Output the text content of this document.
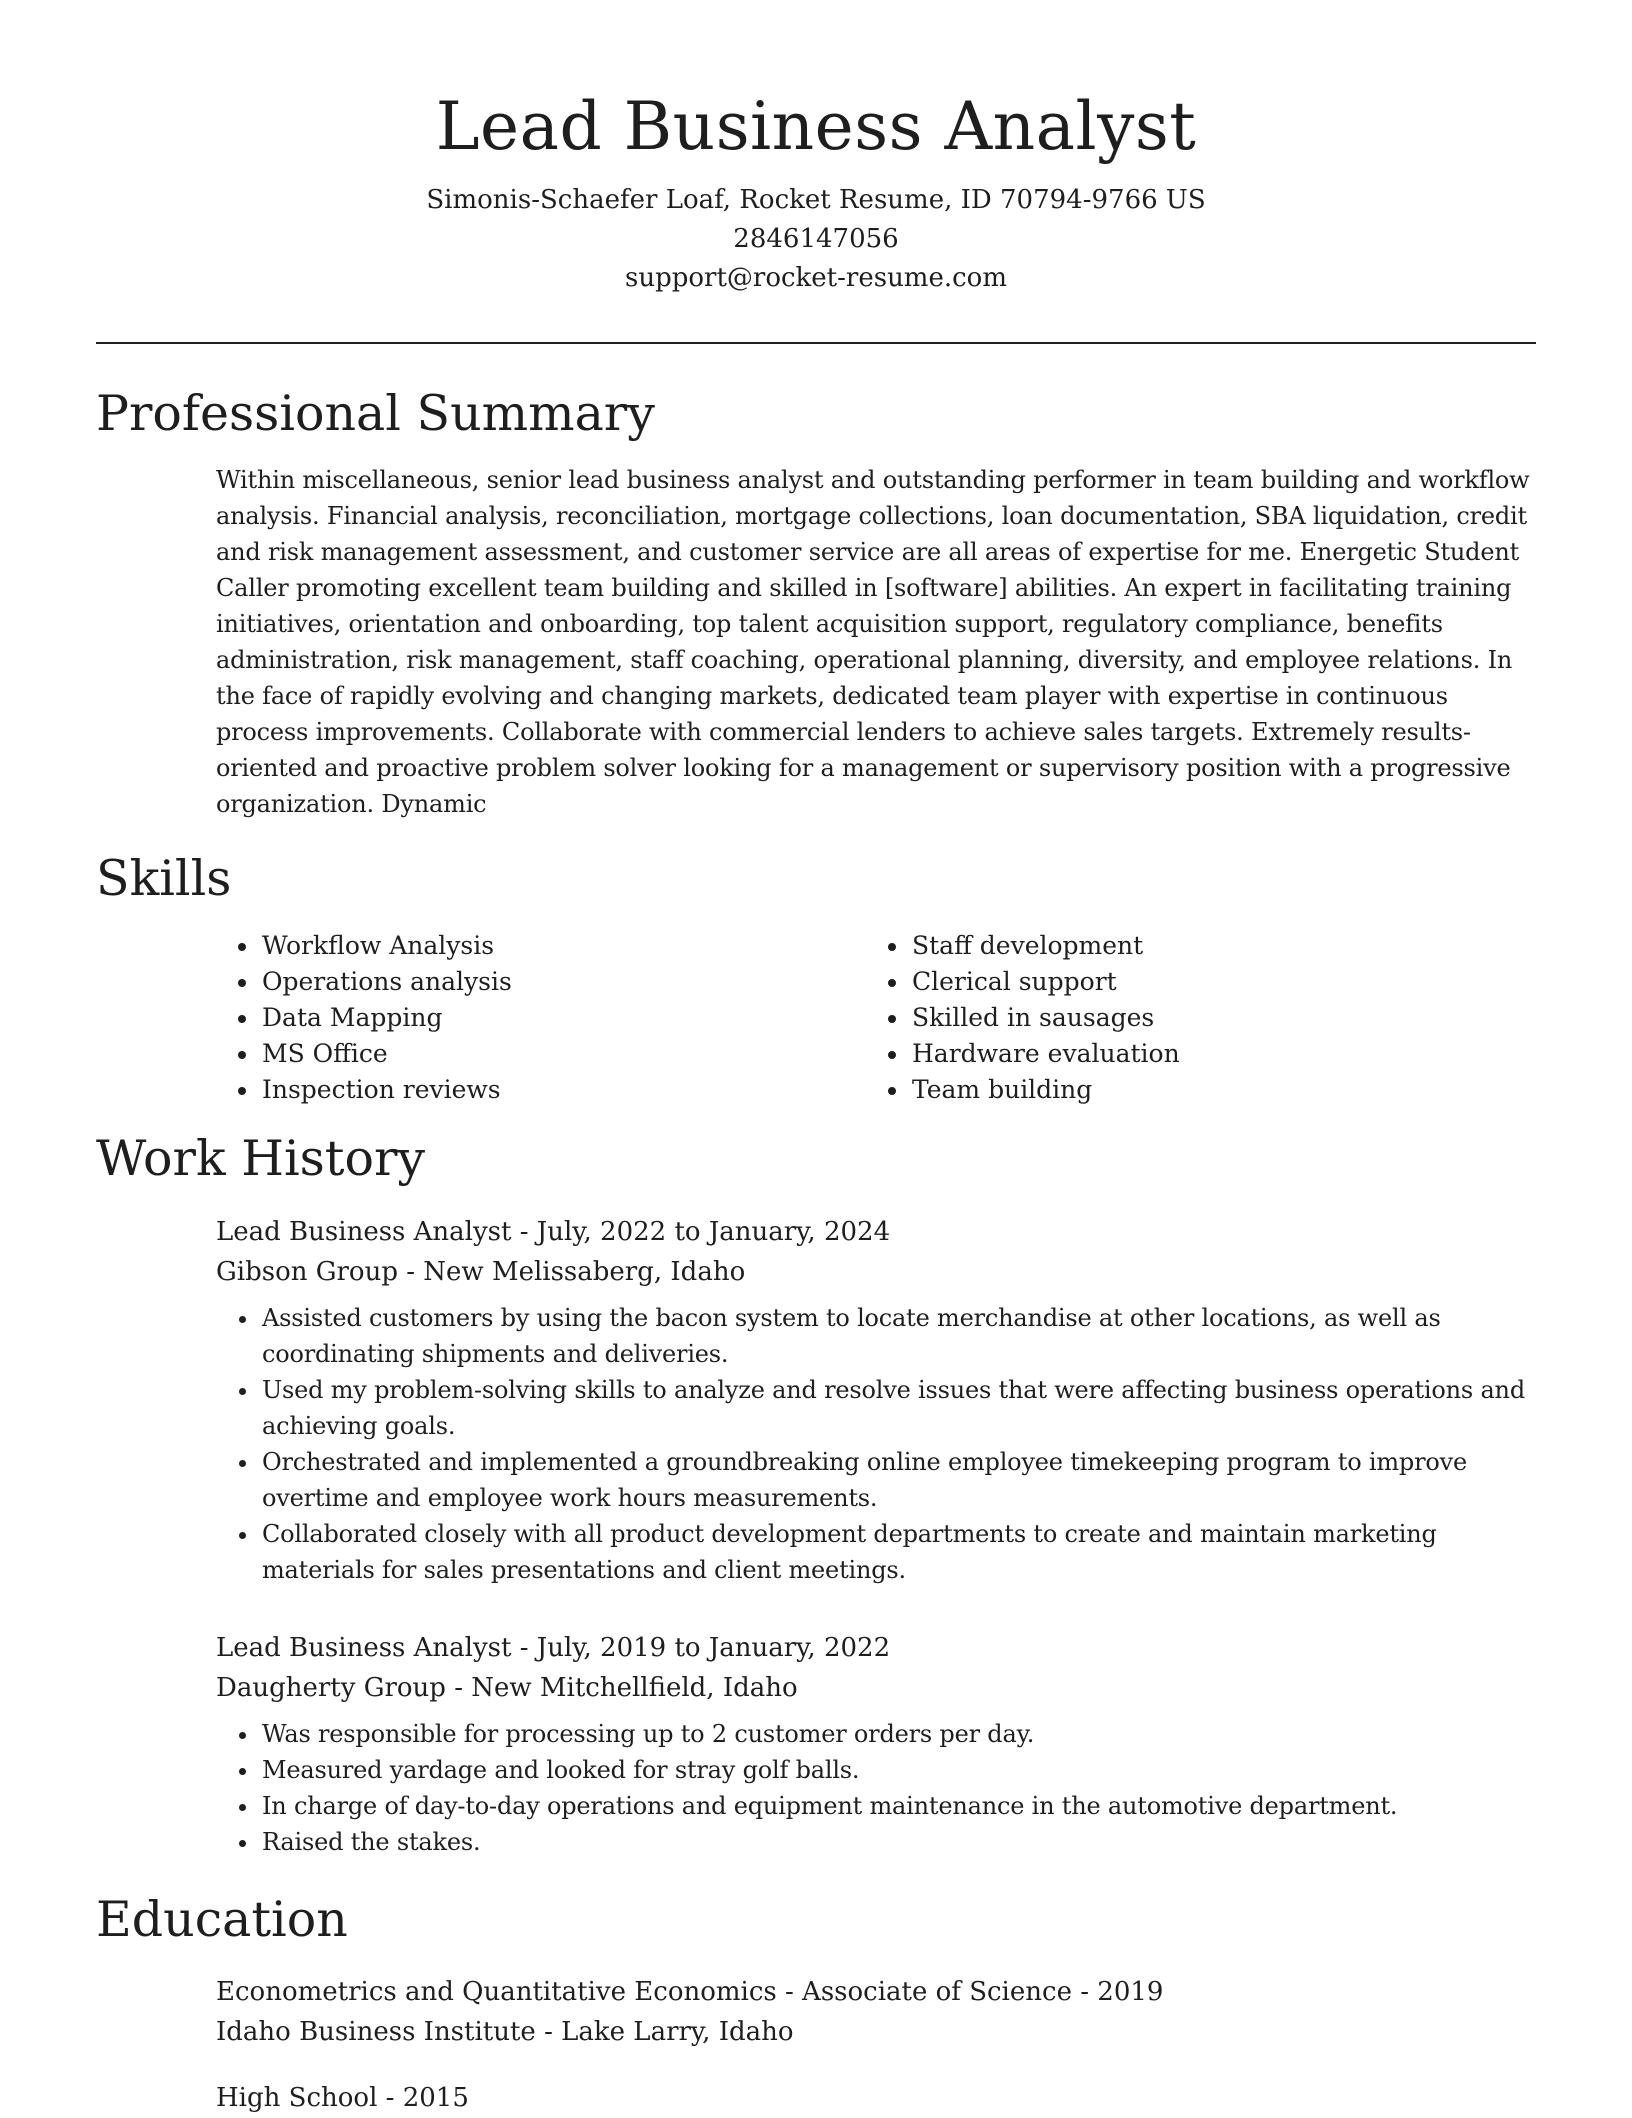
Lead Business Analyst

Simonis-Schaefer Loaf, Rocket Resume, ID 70794-9766 US

2846147056

support@rocket-resume.com

Professional Summary

Within miscellaneous, senior lead business analyst and outstanding performer in team building and workflow analysis. Financial analysis, reconciliation, mortgage collections, loan documentation, SBA liquidation, credit and risk management assessment, and customer service are all areas of expertise for me. Energetic Student Caller promoting excellent team building and skilled in [software] abilities. An expert in facilitating training initiatives, orientation and onboarding, top talent acquisition support, regulatory compliance, benefits administration, risk management, staff coaching, operational planning, diversity, and employee relations. In the face of rapidly evolving and changing markets, dedicated team player with expertise in continuous process improvements. Collaborate with commercial lenders to achieve sales targets. Extremely results-oriented and proactive problem solver looking for a management or supervisory position with a progressive organization. Dynamic

Skills
• Workflow Analysis
• Operations analysis
• Data Mapping
• MS Office
• Inspection reviews
• Staff development
• Clerical support
• Skilled in sausages
• Hardware evaluation
• Team building
Work History

Lead Business Analyst - July, 2022 to January, 2024

Gibson Group - New Melissaberg, Idaho

• Assisted customers by using the bacon system to locate merchandise at other locations, as well as coordinating shipments and deliveries.
• Used my problem-solving skills to analyze and resolve issues that were affecting business operations and achieving goals.
• Orchestrated and implemented a groundbreaking online employee timekeeping program to improve overtime and employee work hours measurements.
• Collaborated closely with all product development departments to create and maintain marketing materials for sales presentations and client meetings.

Lead Business Analyst - July, 2019 to January, 2022

Daugherty Group - New Mitchellfield, Idaho

• Was responsible for processing up to 2 customer orders per day.
• Measured yardage and looked for stray golf balls.
• In charge of day-to-day operations and equipment maintenance in the automotive department.
• Raised the stakes.
Education

Econometrics and Quantitative Economics - Associate of Science - 2019

Idaho Business Institute - Lake Larry, Idaho

High School - 2015
